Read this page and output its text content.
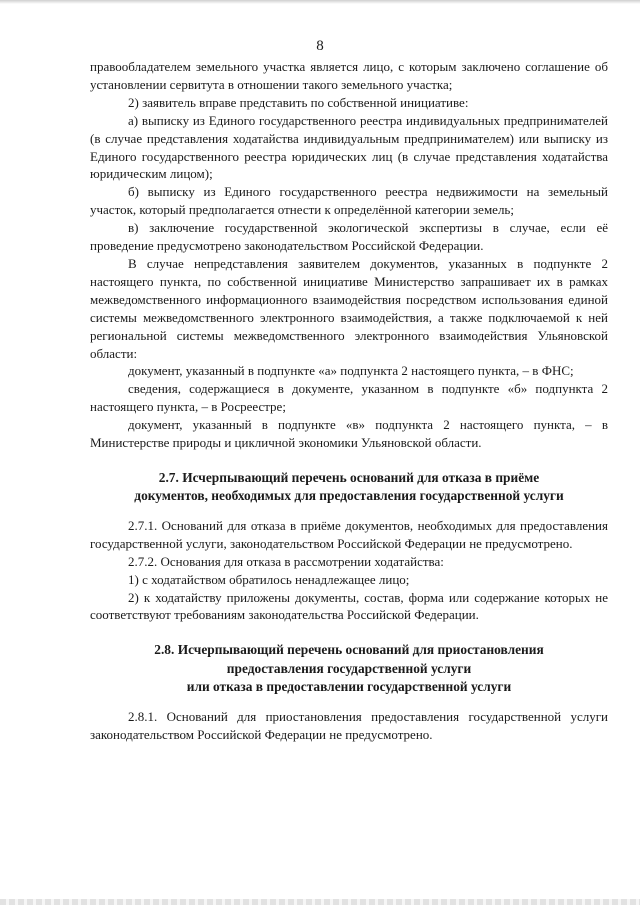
8

правообладателем земельного участка является лицо, с которым заключено соглашение об установлении сервитута в отношении такого земельного участка;

2) заявитель вправе представить по собственной инициативе:

а) выписку из Единого государственного реестра индивидуальных предпринимателей (в случае представления ходатайства индивидуальным предпринимателем) или выписку из Единого государственного реестра юридических лиц (в случае представления ходатайства юридическим лицом);

б) выписку из Единого государственного реестра недвижимости на земельный участок, который предполагается отнести к определённой категории земель;

в) заключение государственной экологической экспертизы в случае, если её проведение предусмотрено законодательством Российской Федерации.

В случае непредставления заявителем документов, указанных в подпункте 2 настоящего пункта, по собственной инициативе Министерство запрашивает их в рамках межведомственного информационного взаимодействия посредством использования единой системы межведомственного электронного взаимодействия, а также подключаемой к ней региональной системы межведомственного электронного взаимодействия Ульяновской области:

документ, указанный в подпункте «а» подпункта 2 настоящего пункта, – в ФНС;

сведения, содержащиеся в документе, указанном в подпункте «б» подпункта 2 настоящего пункта, – в Росреестре;

документ, указанный в подпункте «в» подпункта 2 настоящего пункта, – в Министерстве природы и цикличной экономики Ульяновской области.

2.7. Исчерпывающий перечень оснований для отказа в приёме
документов, необходимых для предоставления государственной услуги

2.7.1. Оснований для отказа в приёме документов, необходимых для предоставления государственной услуги, законодательством Российской Федерации не предусмотрено.

2.7.2. Основания для отказа в рассмотрении ходатайства:

1) с ходатайством обратилось ненадлежащее лицо;

2) к ходатайству приложены документы, состав, форма или содержание которых не соответствуют требованиям законодательства Российской Федерации.

2.8. Исчерпывающий перечень оснований для приостановления
предоставления государственной услуги
или отказа в предоставлении государственной услуги

2.8.1. Оснований для приостановления предоставления государственной услуги законодательством Российской Федерации не предусмотрено.
